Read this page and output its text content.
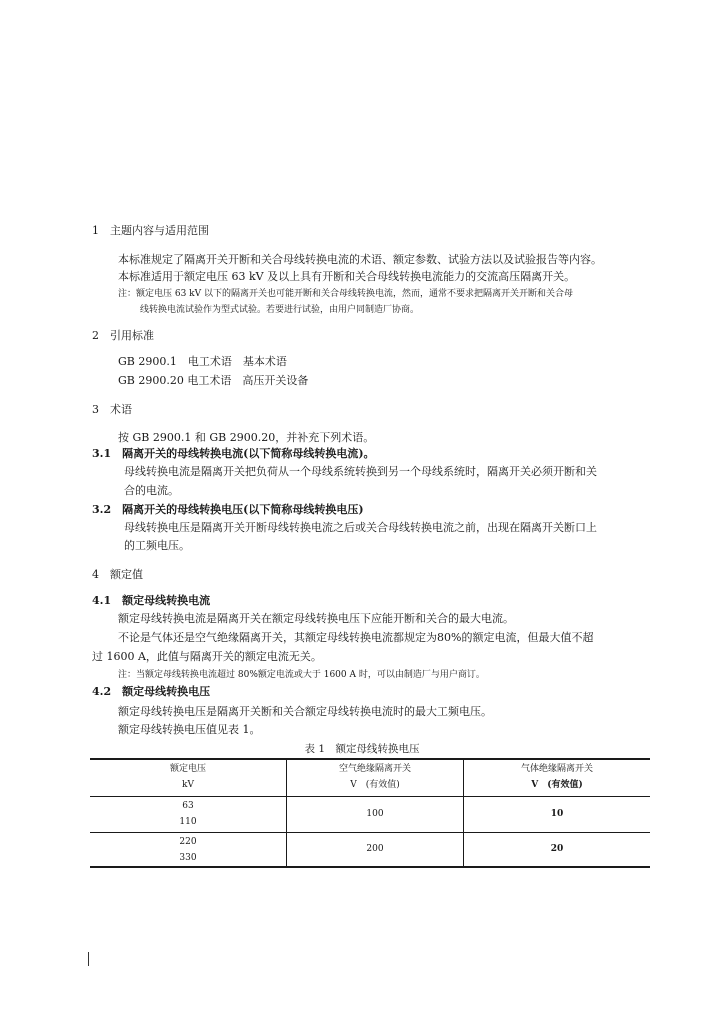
1　主题内容与适用范围
本标准规定了隔离开关开断和关合母线转换电流的术语、额定参数、试验方法以及试验报告等内容。
本标准适用于额定电压 63 kV 及以上具有开断和关合母线转换电流能力的交流高压隔离开关。
注：额定电压 63 kV 以下的隔离开关也可能开断和关合母线转换电流，然而，通常不要求把隔离开关开断和关合母
线转换电流试验作为型式试验。若要进行试验，由用户同制造厂协商。
2　引用标准
GB 2900.1　电工术语　基本术语
GB 2900.20 电工术语　高压开关设备
3　术语
按 GB 2900.1 和 GB 2900.20，并补充下列术语。
3.1　隔离开关的母线转换电流(以下简称母线转换电流)。
母线转换电流是隔离开关把负荷从一个母线系统转换到另一个母线系统时，隔离开关必须开断和关
合的电流。
3.2　隔离开关的母线转换电压(以下简称母线转换电压)
母线转换电压是隔离开关开断母线转换电流之后或关合母线转换电流之前，出现在隔离开关断口上
的工频电压。
4　额定值
4.1　额定母线转换电流
额定母线转换电流是隔离开关在额定母线转换电压下应能开断和关合的最大电流。
不论是气体还是空气绝缘隔离开关，其额定母线转换电流都规定为80%的额定电流，但最大值不超
过 1600 A，此值与隔离开关的额定电流无关。
注：当额定母线转换电流超过 80%额定电流或大于 1600 A 时，可以由制造厂与用户商订。
4.2　额定母线转换电压
额定母线转换电压是隔离开关断和关合额定母线转换电流时的最大工频电压。
额定母线转换电压值见表 1。
表 1　额定母线转换电压
额定电压
kV
空气绝缘隔离开关
V　(有效值)
气体绝缘隔离开关
V　(有效值)
63
110
100	10
220
330
200	20
